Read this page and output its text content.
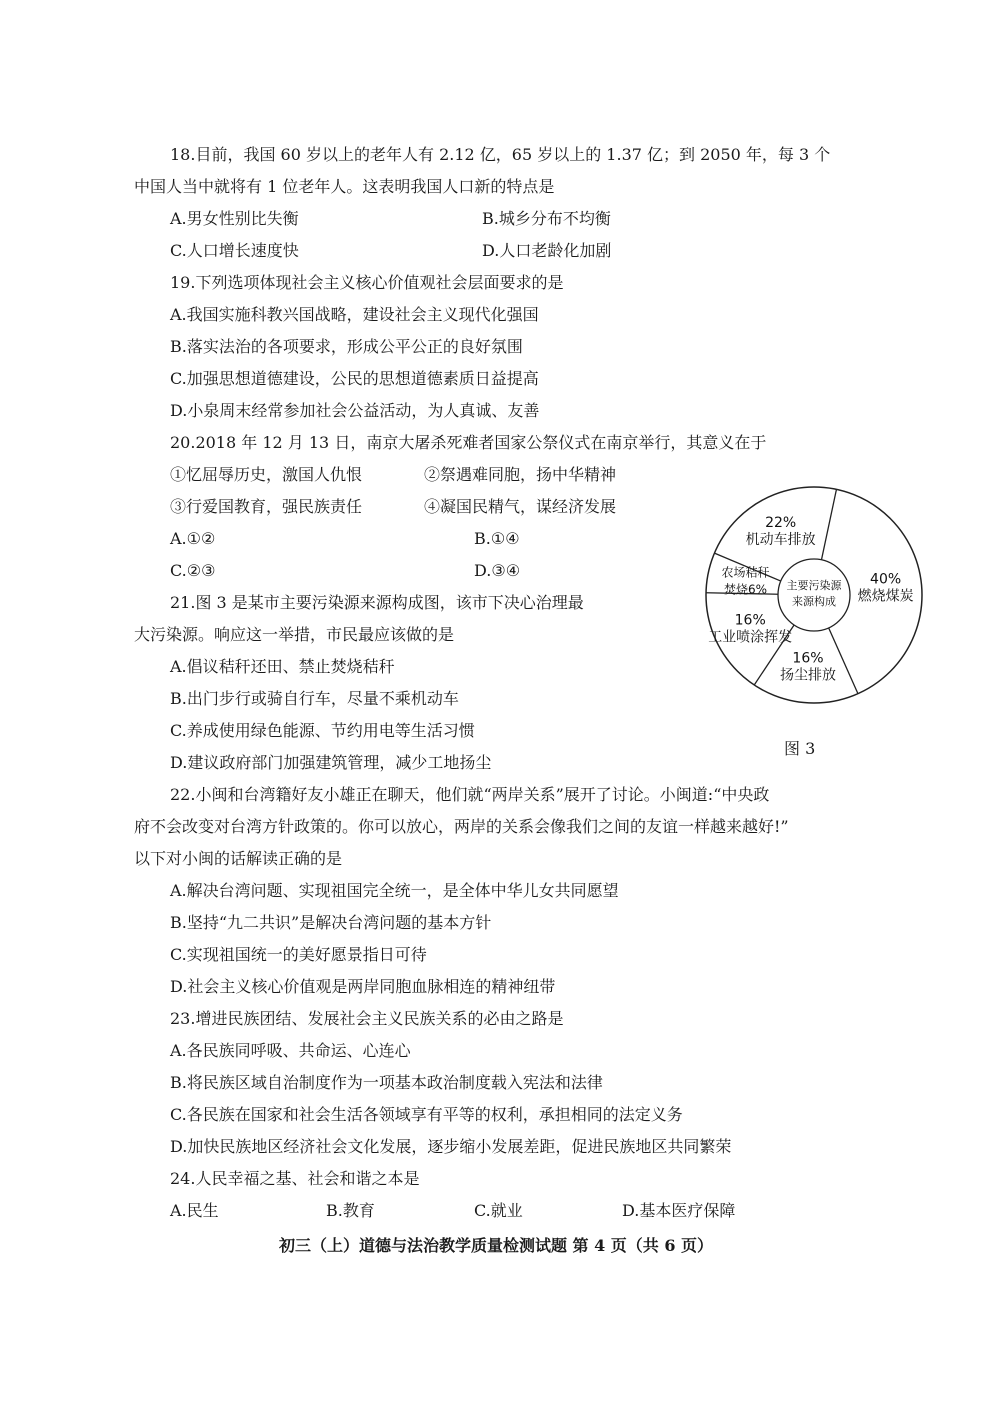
18.目前，我国 60 岁以上的老年人有 2.12 亿，65 岁以上的 1.37 亿；到 2050 年，每 3 个
中国人当中就将有 1 位老年人。这表明我国人口新的特点是
A.男女性别比失衡	B.城乡分布不均衡
C.人口增长速度快	D.人口老龄化加剧
19.下列选项体现社会主义核心价值观社会层面要求的是
A.我国实施科教兴国战略，建设社会主义现代化强国
B.落实法治的各项要求，形成公平公正的良好氛围
C.加强思想道德建设，公民的思想道德素质日益提高
D.小泉周末经常参加社会公益活动，为人真诚、友善
20.2018 年 12 月 13 日，南京大屠杀死难者国家公祭仪式在南京举行，其意义在于
①忆屈辱历史，激国人仇恨	②祭遇难同胞，扬中华精神
③行爱国教育，强民族责任	④凝国民精气，谋经济发展
A.①②	B.①④
C.②③	D.③④
21.图 3 是某市主要污染源来源构成图，该市下决心治理最
大污染源。响应这一举措，市民最应该做的是
A.倡议秸秆还田、禁止焚烧秸秆
B.出门步行或骑自行车，尽量不乘机动车
C.养成使用绿色能源、节约用电等生活习惯
D.建议政府部门加强建筑管理，减少工地扬尘
主要污染源
来源构成
40%
燃烧煤炭
16%
扬尘排放
16%
工业喷涂挥发
农场秸秆
焚烧6%
22%
机动车排放
图 3
22.小闽和台湾籍好友小雄正在聊天，他们就“两岸关系”展开了讨论。小闽道:“中央政
府不会改变对台湾方针政策的。你可以放心，两岸的关系会像我们之间的友谊一样越来越好!”
以下对小闽的话解读正确的是
A.解决台湾问题、实现祖国完全统一，是全体中华儿女共同愿望
B.坚持“九二共识”是解决台湾问题的基本方针
C.实现祖国统一的美好愿景指日可待
D.社会主义核心价值观是两岸同胞血脉相连的精神纽带
23.增进民族团结、发展社会主义民族关系的必由之路是
A.各民族同呼吸、共命运、心连心
B.将民族区域自治制度作为一项基本政治制度载入宪法和法律
C.各民族在国家和社会生活各领域享有平等的权利，承担相同的法定义务
D.加快民族地区经济社会文化发展，逐步缩小发展差距，促进民族地区共同繁荣
24.人民幸福之基、社会和谐之本是
A.民生	B.教育	C.就业	D.基本医疗保障
初三（上）道德与法治教学质量检测试题 第 4 页（共 6 页）
